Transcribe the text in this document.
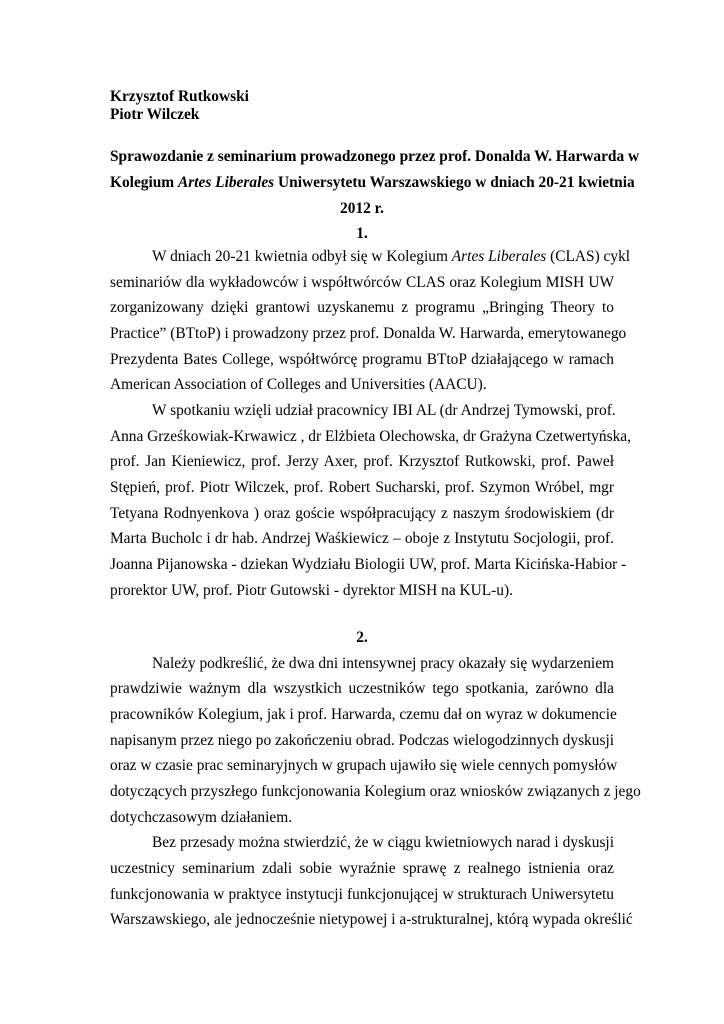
Krzysztof Rutkowski
Piotr Wilczek
Sprawozdanie z seminarium prowadzonego przez prof. Donalda W. Harwarda w
Kolegium Artes Liberales Uniwersytetu Warszawskiego w dniach 20-21 kwietnia
2012 r.
1.
W dniach 20-21 kwietnia odbył się w Kolegium Artes Liberales (CLAS) cykl
seminariów dla wykładowców i współtwórców CLAS oraz Kolegium MISH UW
zorganizowany dzięki grantowi uzyskanemu z programu „Bringing Theory to
Practice” (BTtoP) i prowadzony przez prof. Donalda W. Harwarda, emerytowanego
Prezydenta Bates College, współtwórcę programu BTtoP działającego w ramach
American Association of Colleges and Universities (AACU).
W spotkaniu wzięli udział pracownicy IBI AL (dr Andrzej Tymowski, prof.
Anna Grześkowiak-Krwawicz , dr Elżbieta Olechowska, dr Grażyna Czetwertyńska,
prof. Jan Kieniewicz, prof. Jerzy Axer, prof. Krzysztof Rutkowski, prof. Paweł
Stępień, prof. Piotr Wilczek, prof. Robert Sucharski, prof. Szymon Wróbel, mgr
Tetyana Rodnyenkova ) oraz goście współpracujący z naszym środowiskiem (dr
Marta Bucholc i dr hab. Andrzej Waśkiewicz – oboje z Instytutu Socjologii, prof.
Joanna Pijanowska - dziekan Wydziału Biologii UW, prof. Marta Kicińska-Habior -
prorektor UW, prof. Piotr Gutowski - dyrektor MISH na KUL-u).
2.
Należy podkreślić, że dwa dni intensywnej pracy okazały się wydarzeniem
prawdziwie ważnym dla wszystkich uczestników tego spotkania, zarówno dla
pracowników Kolegium, jak i prof. Harwarda, czemu dał on wyraz w dokumencie
napisanym przez niego po zakończeniu obrad. Podczas wielogodzinnych dyskusji
oraz w czasie prac seminaryjnych w grupach ujawiło się wiele cennych pomysłów
dotyczących przyszłego funkcjonowania Kolegium oraz wniosków związanych z jego
dotychczasowym działaniem.
Bez przesady można stwierdzić, że w ciągu kwietniowych narad i dyskusji
uczestnicy seminarium zdali sobie wyraźnie sprawę z realnego istnienia oraz
funkcjonowania w praktyce instytucji funkcjonującej w strukturach Uniwersytetu
Warszawskiego, ale jednocześnie nietypowej i a-strukturalnej, którą wypada określić
